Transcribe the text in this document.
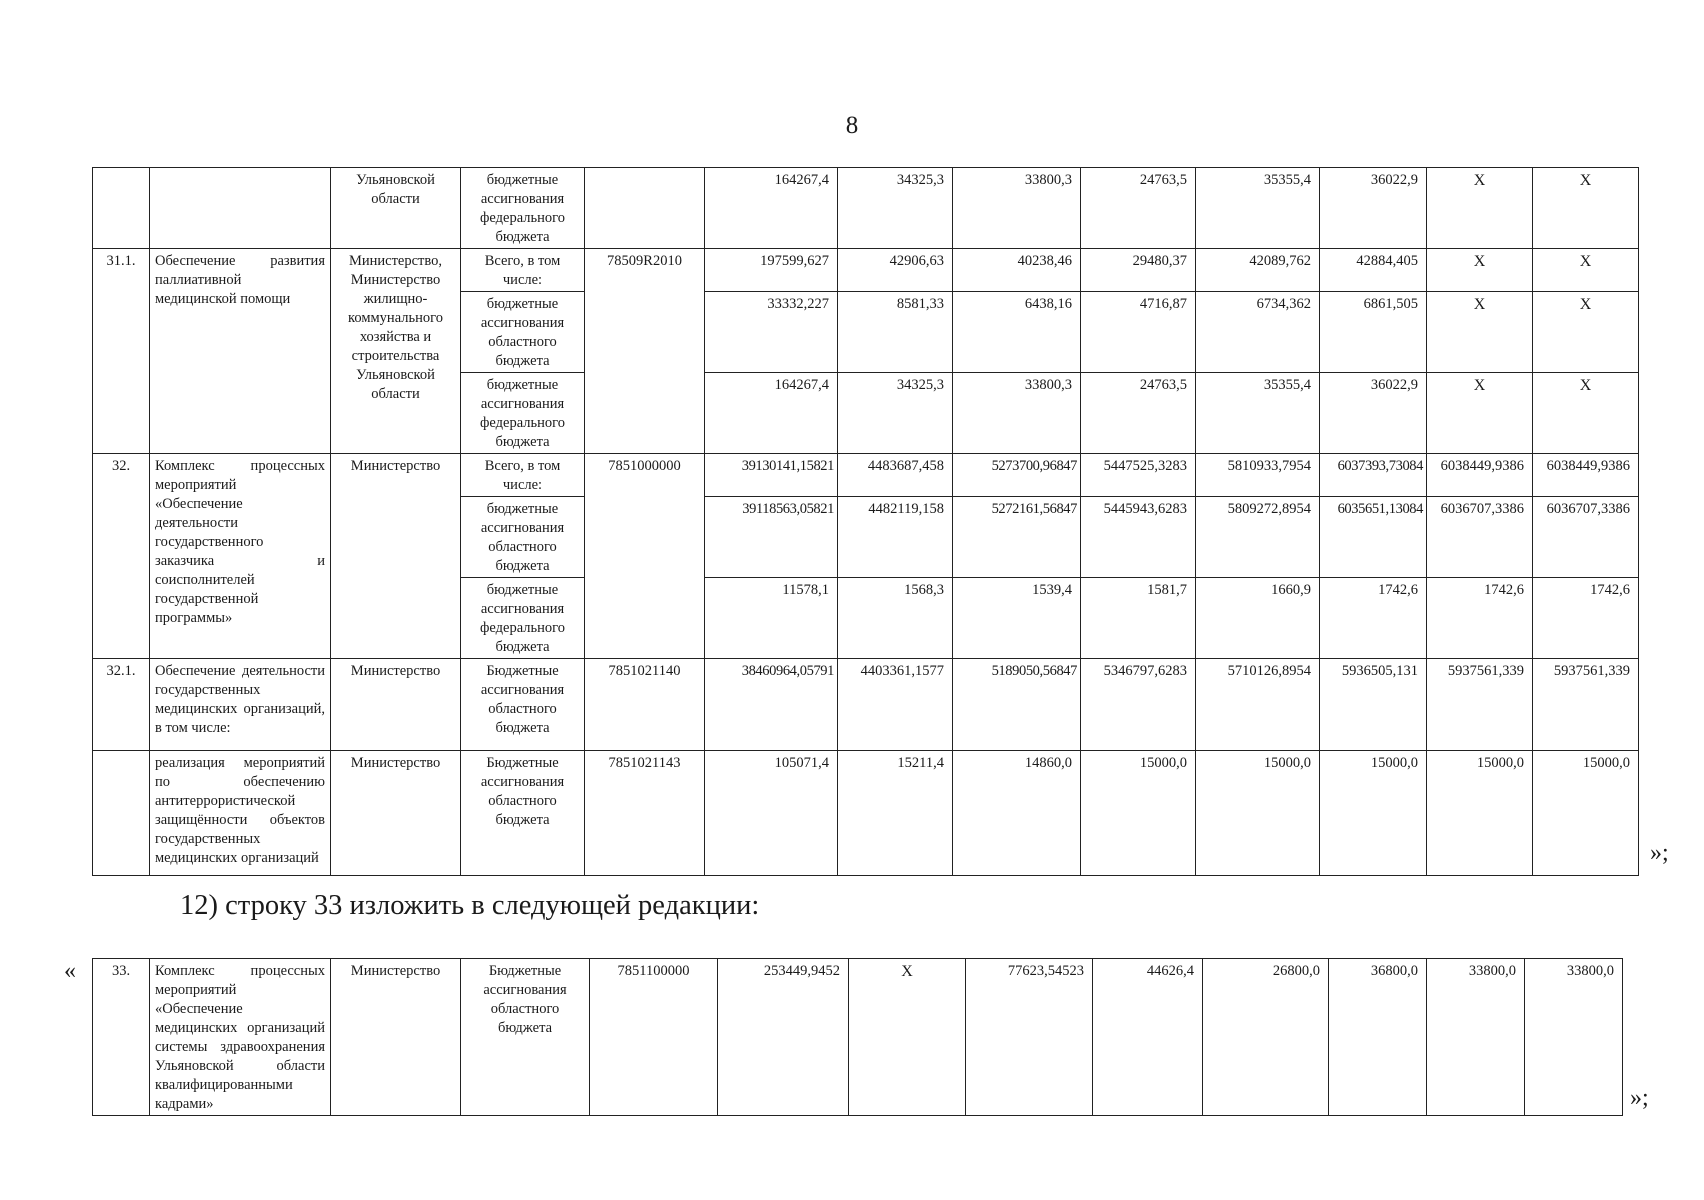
8
		Ульяновской области	бюджетные ассигнования федерального бюджета		164267,4	34325,3	33800,3	24763,5	35355,4	36022,9	X	X
31.1.	Обеспечение развития паллиативной медицинской помощи	Министерство, Министерство жилищно-коммунального хозяйства и строительства Ульяновской области	Всего, в том числе:	78509R2010	197599,627	42906,63	40238,46	29480,37	42089,762	42884,405	X	X
			бюджетные ассигнования областного бюджета		33332,227	8581,33	6438,16	4716,87	6734,362	6861,505	X	X
			бюджетные ассигнования федерального бюджета		164267,4	34325,3	33800,3	24763,5	35355,4	36022,9	X	X
32.	Комплекс процессных мероприятий «Обеспечение деятельности государственного заказчика и соисполнителей государственной программы»	Министерство	Всего, в том числе:	7851000000	39130141,15821	4483687,458	5273700,96847	5447525,3283	5810933,7954	6037393,73084	6038449,9386	6038449,9386
			бюджетные ассигнования областного бюджета		39118563,05821	4482119,158	5272161,56847	5445943,6283	5809272,8954	6035651,13084	6036707,3386	6036707,3386
			бюджетные ассигнования федерального бюджета		11578,1	1568,3	1539,4	1581,7	1660,9	1742,6	1742,6	1742,6
32.1.	Обеспечение деятельности государственных медицинских организаций, в том числе:	Министерство	Бюджетные ассигнования областного бюджета	7851021140	38460964,05791	4403361,1577	5189050,56847	5346797,6283	5710126,8954	5936505,131	5937561,339	5937561,339
	реализация мероприятий по обеспечению антитеррористической защищённости объектов государственных медицинских организаций	Министерство	Бюджетные ассигнования областного бюджета	7851021143	105071,4	15211,4	14860,0	15000,0	15000,0	15000,0	15000,0	15000,0
»;
12) строку 33 изложить в следующей редакции:
« 33.	Комплекс процессных мероприятий «Обеспечение медицинских организаций системы здравоохранения Ульяновской области квалифицированными кадрами»	Министерство	Бюджетные ассигнования областного бюджета	7851100000	253449,9452	X	77623,54523	44626,4	26800,0	36800,0	33800,0	33800,0
»;
